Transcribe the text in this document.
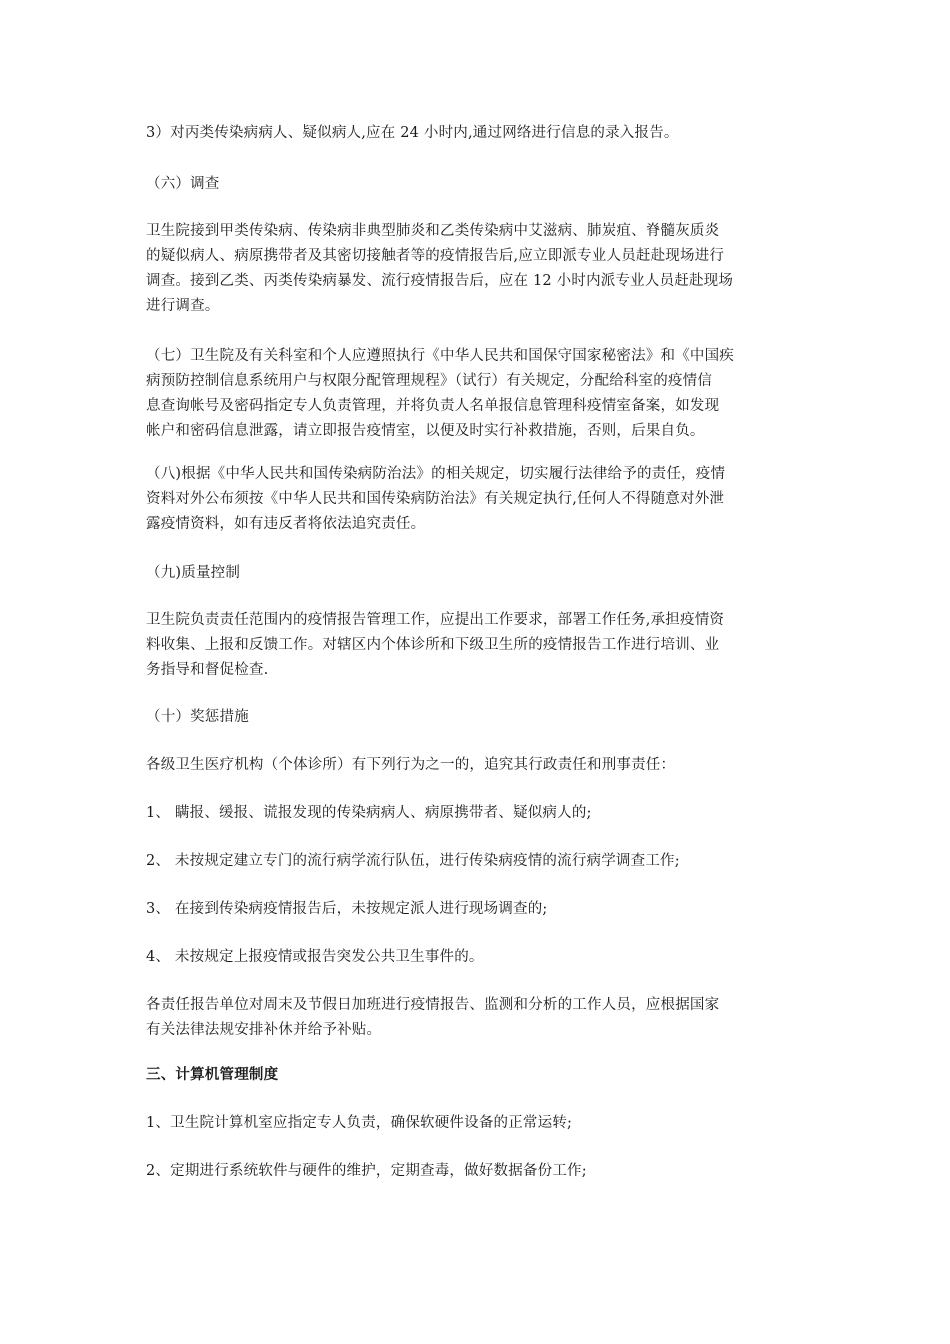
3）对丙类传染病病人、疑似病人,应在 24 小时内,通过网络进行信息的录入报告。
（六）调查
卫生院接到甲类传染病、传染病非典型肺炎和乙类传染病中艾滋病、肺炭疽、脊髓灰质炎
的疑似病人、病原携带者及其密切接触者等的疫情报告后,应立即派专业人员赶赴现场进行
调查。接到乙类、丙类传染病暴发、流行疫情报告后，应在 12 小时内派专业人员赶赴现场
进行调查。
（七）卫生院及有关科室和个人应遵照执行《中华人民共和国保守国家秘密法》和《中国疾
病预防控制信息系统用户与权限分配管理规程》（试行）有关规定，分配给科室的疫情信
息查询帐号及密码指定专人负责管理，并将负责人名单报信息管理科疫情室备案，如发现
帐户和密码信息泄露，请立即报告疫情室，以便及时实行补救措施，否则，后果自负。
（八)根据《中华人民共和国传染病防治法》的相关规定，切实履行法律给予的责任，疫情
资料对外公布须按《中华人民共和国传染病防治法》有关规定执行,任何人不得随意对外泄
露疫情资料，如有违反者将依法追究责任。
（九)质量控制
卫生院负责责任范围内的疫情报告管理工作，应提出工作要求，部署工作任务,承担疫情资
料收集、上报和反馈工作。对辖区内个体诊所和下级卫生所的疫情报告工作进行培训、业
务指导和督促检查.
（十）奖惩措施
各级卫生医疗机构（个体诊所）有下列行为之一的，追究其行政责任和刑事责任：
1、 瞒报、缓报、谎报发现的传染病病人、病原携带者、疑似病人的;
2、 未按规定建立专门的流行病学流行队伍，进行传染病疫情的流行病学调查工作;
3、 在接到传染病疫情报告后，未按规定派人进行现场调查的;
4、 未按规定上报疫情或报告突发公共卫生事件的。
各责任报告单位对周末及节假日加班进行疫情报告、监测和分析的工作人员，应根据国家
有关法律法规安排补休并给予补贴。
三、计算机管理制度
1、卫生院计算机室应指定专人负责，确保软硬件设备的正常运转;
2、定期进行系统软件与硬件的维护，定期查毒，做好数据备份工作;
